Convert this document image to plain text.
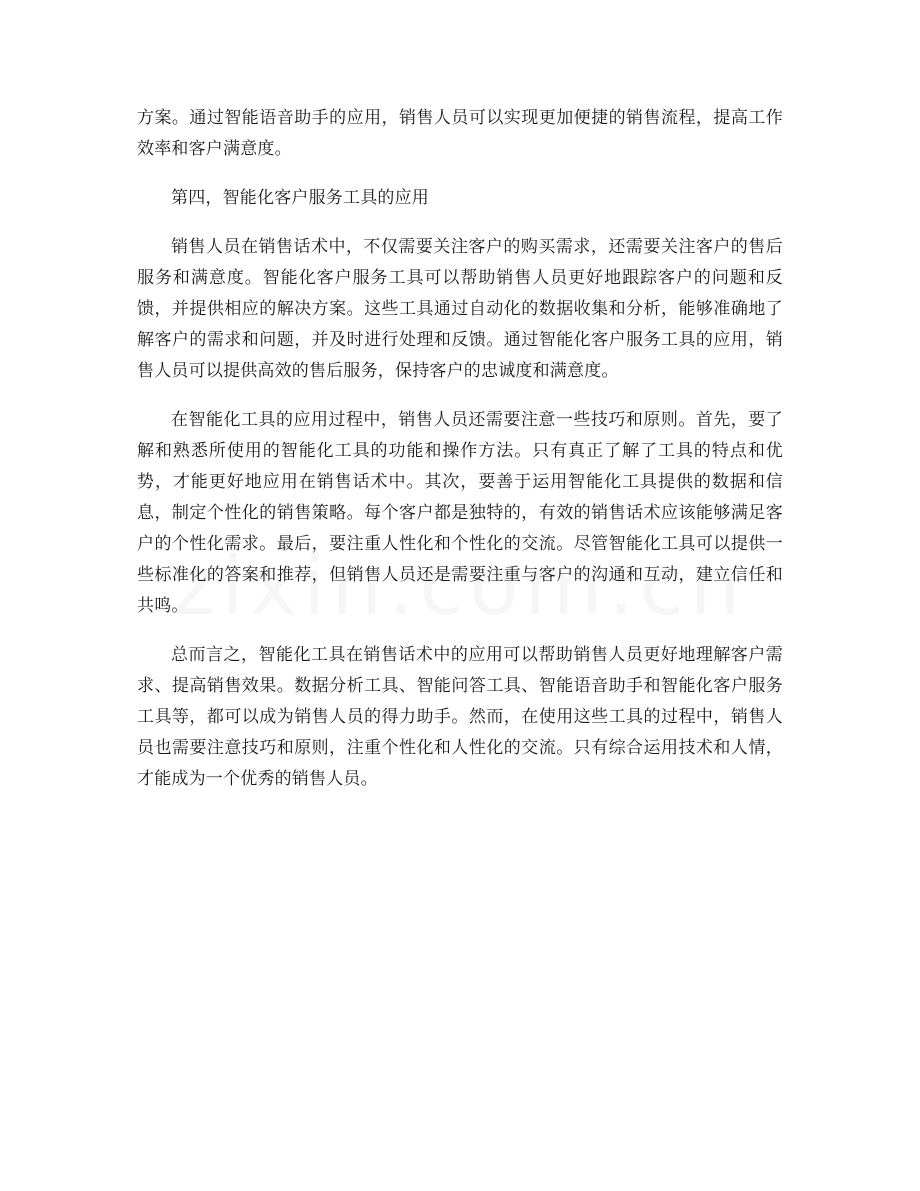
方案。通过智能语音助手的应用，销售人员可以实现更加便捷的销售流程，提高工作效率和客户满意度。

第四，智能化客户服务工具的应用

销售人员在销售话术中，不仅需要关注客户的购买需求，还需要关注客户的售后服务和满意度。智能化客户服务工具可以帮助销售人员更好地跟踪客户的问题和反馈，并提供相应的解决方案。这些工具通过自动化的数据收集和分析，能够准确地了解客户的需求和问题，并及时进行处理和反馈。通过智能化客户服务工具的应用，销售人员可以提供高效的售后服务，保持客户的忠诚度和满意度。

在智能化工具的应用过程中，销售人员还需要注意一些技巧和原则。首先，要了解和熟悉所使用的智能化工具的功能和操作方法。只有真正了解了工具的特点和优势，才能更好地应用在销售话术中。其次，要善于运用智能化工具提供的数据和信息，制定个性化的销售策略。每个客户都是独特的，有效的销售话术应该能够满足客户的个性化需求。最后，要注重人性化和个性化的交流。尽管智能化工具可以提供一些标准化的答案和推荐，但销售人员还是需要注重与客户的沟通和互动，建立信任和共鸣。

总而言之，智能化工具在销售话术中的应用可以帮助销售人员更好地理解客户需求、提高销售效果。数据分析工具、智能问答工具、智能语音助手和智能化客户服务工具等，都可以成为销售人员的得力助手。然而，在使用这些工具的过程中，销售人员也需要注意技巧和原则，注重个性化和人性化的交流。只有综合运用技术和人情，才能成为一个优秀的销售人员。
